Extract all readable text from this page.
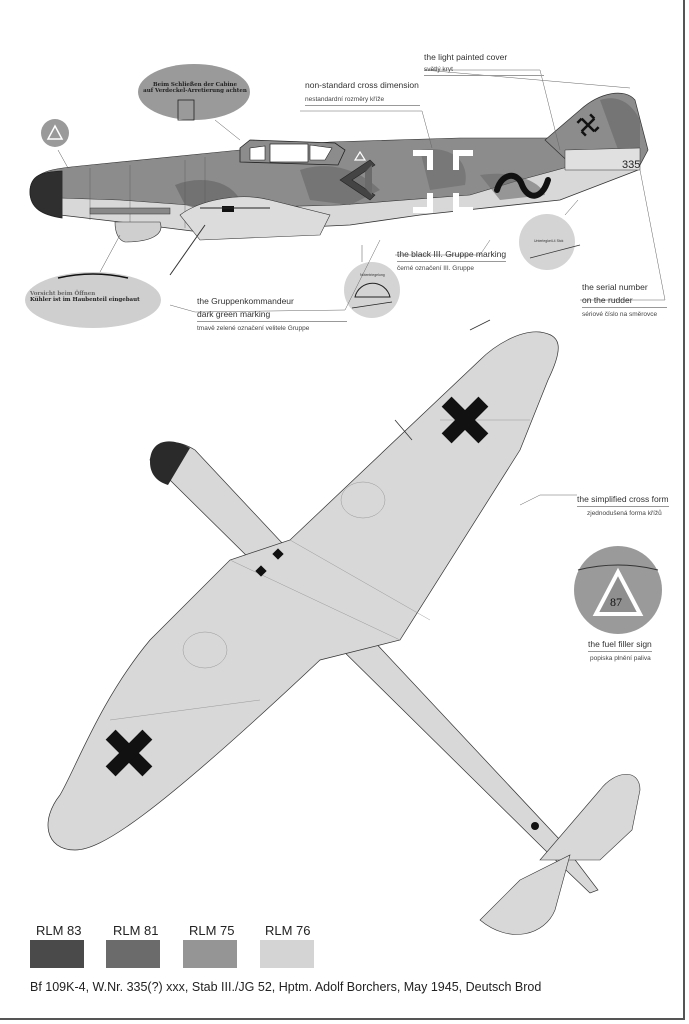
335
87
the light painted cover
světlý kryt
non-standard cross dimension
nestandardní rozměry kříže
Beim Schließen der Cabine
auf Verdeckel-Arretierung achten
Vorsicht beim Öffnen
Kühler ist im Haubenteil eingebaut	the Gruppenkommandeur
dark green marking
tmavě zelené označení velitele Gruppe
the black III. Gruppe marking
černé označení III. Gruppe
Unterlegkeil-4 Stck
Notentriegelung
the serial number
on the rudder
sériové číslo na směrovce
the simplified cross form
zjednodušená forma křížů
the fuel filler sign
popiska plnění paliva
RLM 83 RLM 81 RLM 75 RLM 76
Bf 109K-4, W.Nr. 335(?) xxx, Stab III./JG 52, Hptm. Adolf Borchers, May 1945, Deutsch Brod
